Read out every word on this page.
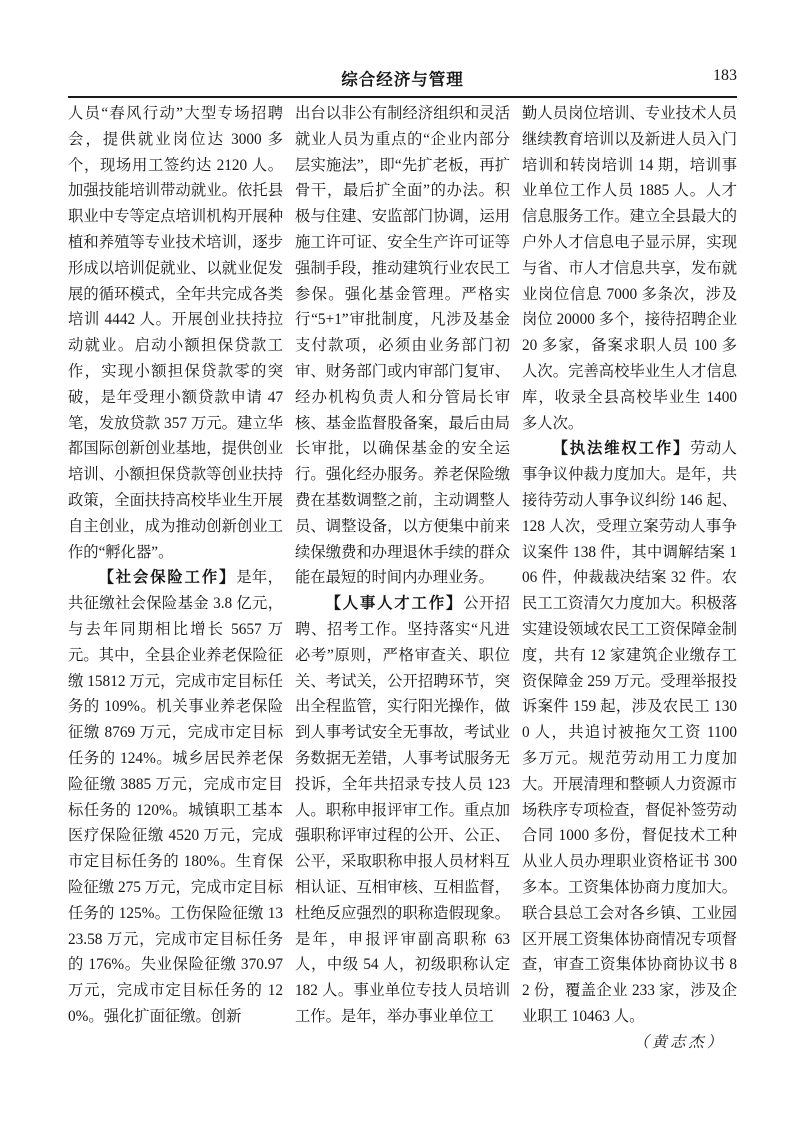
综合经济与管理	183

人员“春风行动”大型专场招聘会，提供就业岗位达 3000 多个，现场用工签约达 2120 人。加强技能培训带动就业。依托县职业中专等定点培训机构开展种植和养殖等专业技术培训，逐步形成以培训促就业、以就业促发展的循环模式，全年共完成各类培训 4442 人。开展创业扶持拉动就业。启动小额担保贷款工作，实现小额担保贷款零的突破，是年受理小额贷款申请 47 笔，发放贷款 357 万元。建立华都国际创新创业基地，提供创业培训、小额担保贷款等创业扶持政策，全面扶持高校毕业生开展自主创业，成为推动创新创业工作的“孵化器”。

【社会保险工作】是年，共征缴社会保险基金 3.8 亿元，与去年同期相比增长 5657 万元。其中，全县企业养老保险征缴 15812 万元，完成市定目标任务的 109%。机关事业养老保险征缴 8769 万元，完成市定目标任务的 124%。城乡居民养老保险征缴 3885 万元，完成市定目标任务的 120%。城镇职工基本医疗保险征缴 4520 万元，完成市定目标任务的 180%。生育保险征缴 275 万元，完成市定目标任务的 125%。工伤保险征缴 1323.58 万元，完成市定目标任务的 176%。失业保险征缴 370.97 万元，完成市定目标任务的 120%。强化扩面征缴。创新

出台以非公有制经济组织和灵活就业人员为重点的“企业内部分层实施法”，即“先扩老板，再扩骨干，最后扩全面”的办法。积极与住建、安监部门协调，运用施工许可证、安全生产许可证等强制手段，推动建筑行业农民工参保。强化基金管理。严格实行“5+1”审批制度，凡涉及基金支付款项，必须由业务部门初审、财务部门或内审部门复审、经办机构负责人和分管局长审核、基金监督股备案，最后由局长审批，以确保基金的安全运行。强化经办服务。养老保险缴费在基数调整之前，主动调整人员、调整设备，以方便集中前来续保缴费和办理退休手续的群众能在最短的时间内办理业务。

【人事人才工作】公开招聘、招考工作。坚持落实“凡进必考”原则，严格审查关、职位关、考试关，公开招聘环节，突出全程监管，实行阳光操作，做到人事考试安全无事故，考试业务数据无差错，人事考试服务无投诉，全年共招录专技人员 123 人。职称申报评审工作。重点加强职称评审过程的公开、公正、公平，采取职称申报人员材料互相认证、互相审核、互相监督，杜绝反应强烈的职称造假现象。是年，申报评审副高职称 63 人，中级 54 人，初级职称认定 182 人。事业单位专技人员培训工作。是年，举办事业单位工

勤人员岗位培训、专业技术人员继续教育培训以及新进人员入门培训和转岗培训 14 期，培训事业单位工作人员 1885 人。人才信息服务工作。建立全县最大的户外人才信息电子显示屏，实现与省、市人才信息共享，发布就业岗位信息 7000 多条次，涉及岗位 20000 多个，接待招聘企业 20 多家，备案求职人员 100 多人次。完善高校毕业生人才信息库，收录全县高校毕业生 1400 多人次。

【执法维权工作】劳动人事争议仲裁力度加大。是年，共接待劳动人事争议纠纷 146 起、128 人次，受理立案劳动人事争议案件 138 件，其中调解结案 106 件，仲裁裁决结案 32 件。农民工工资清欠力度加大。积极落实建设领域农民工工资保障金制度，共有 12 家建筑企业缴存工资保障金 259 万元。受理举报投诉案件 159 起，涉及农民工 1300 人，共追讨被拖欠工资 1100 多万元。规范劳动用工力度加大。开展清理和整顿人力资源市场秩序专项检查，督促补签劳动合同 1000 多份，督促技术工种从业人员办理职业资格证书 300 多本。工资集体协商力度加大。联合县总工会对各乡镇、工业园区开展工资集体协商情况专项督查，审查工资集体协商协议书 82 份，覆盖企业 233 家，涉及企业职工 10463 人。

（黄志杰）
